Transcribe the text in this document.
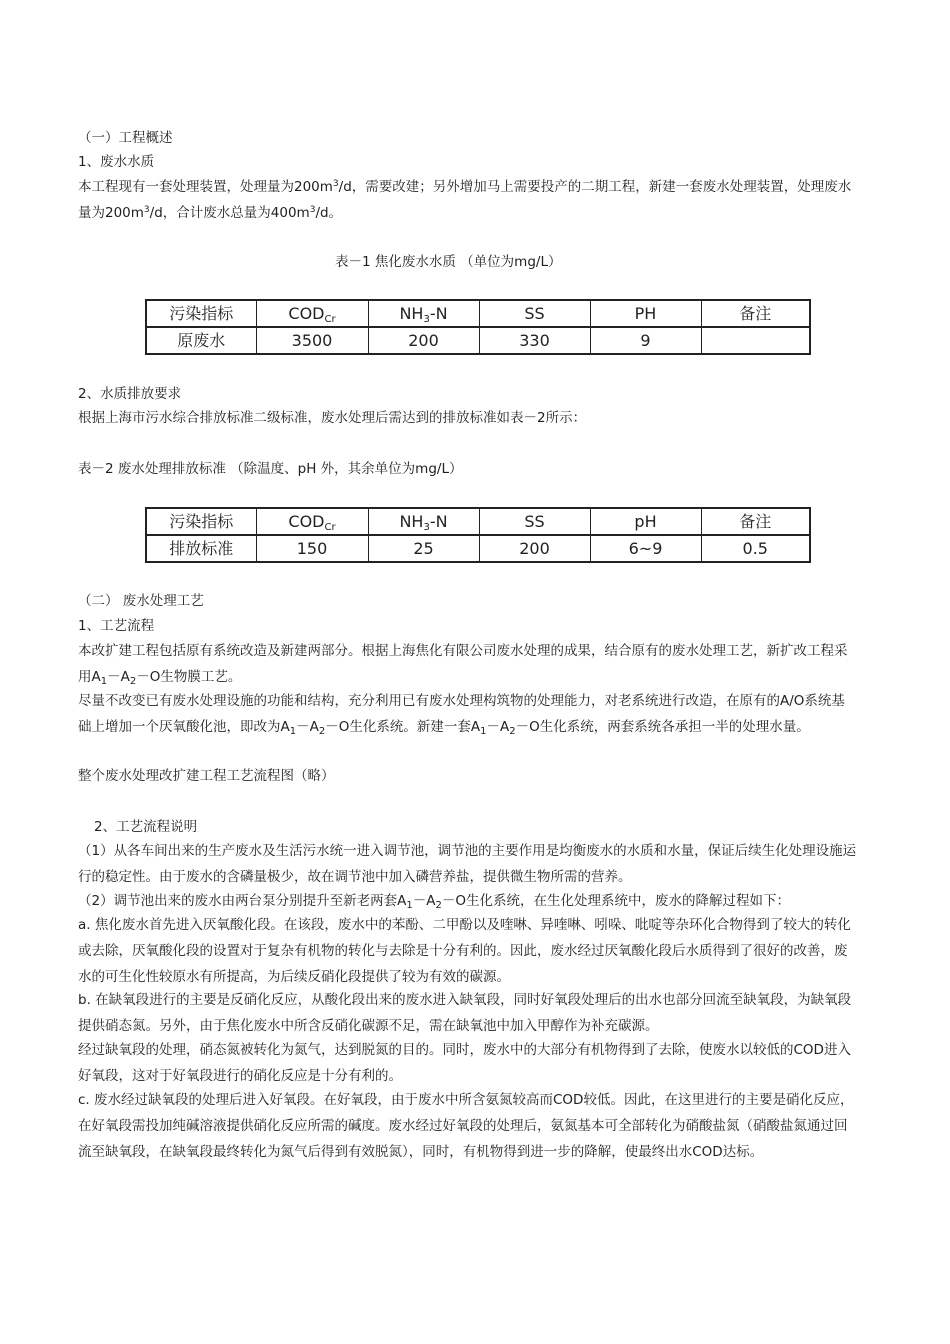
（一）工程概述

1、废水水质

本工程现有一套处理装置，处理量为$200m^3/d$，需要改建；另外增加马上需要投产的二期工程，新建一套废水处理装置，处理废水量为$200m^3/d$，合计废水总量为$400m^3/d$。

表－1 焦化废水水质 （单位为mg/L）
污染指标	$COD_{Cr}$	$NH_3-N$	SS	PH	备注
原废水	3500	200	330	9	

2、水质排放要求

根据上海市污水综合排放标准二级标准，废水处理后需达到的排放标准如表－2所示：

表－2 废水处理排放标准 （除温度、pH 外，其余单位为mg/L）
污染指标	$COD_{Cr}$	$NH_3-N$	SS	pH	备注
排放标准	150	25	200	6~9	0.5

（二） 废水处理工艺

1、工艺流程

本改扩建工程包括原有系统改造及新建两部分。根据上海焦化有限公司废水处理的成果，结合原有的废水处理工艺，新扩改工程采用$A_1-A_2-O$生物膜工艺。

尽量不改变已有废水处理设施的功能和结构，充分利用已有废水处理构筑物的处理能力，对老系统进行改造，在原有的A/O系统基础上增加一个厌氧酸化池，即改为$A_1-A_2-O$生化系统。新建一套$A_1-A_2-O$生化系统，两套系统各承担一半的处理水量。

整个废水处理改扩建工程工艺流程图（略）

2、工艺流程说明

（1）从各车间出来的生产废水及生活污水统一进入调节池，调节池的主要作用是均衡废水的水质和水量，保证后续生化处理设施运行的稳定性。由于废水的含磷量极少，故在调节池中加入磷营养盐，提供微生物所需的营养。

（2）调节池出来的废水由两台泵分别提升至新老两套$A_1-A_2-O$生化系统，在生化处理系统中，废水的降解过程如下：

a. 焦化废水首先进入厌氧酸化段。在该段，废水中的苯酚、二甲酚以及喹啉、异喹啉、吲哚、吡啶等杂环化合物得到了较大的转化或去除，厌氧酸化段的设置对于复杂有机物的转化与去除是十分有利的。因此，废水经过厌氧酸化段后水质得到了很好的改善，废水的可生化性较原水有所提高，为后续反硝化段提供了较为有效的碳源。

b. 在缺氧段进行的主要是反硝化反应，从酸化段出来的废水进入缺氧段，同时好氧段处理后的出水也部分回流至缺氧段，为缺氧段提供硝态氮。另外，由于焦化废水中所含反硝化碳源不足，需在缺氧池中加入甲醇作为补充碳源。

经过缺氧段的处理，硝态氮被转化为氮气，达到脱氮的目的。同时，废水中的大部分有机物得到了去除，使废水以较低的COD进入好氧段，这对于好氧段进行的硝化反应是十分有利的。

c. 废水经过缺氧段的处理后进入好氧段。在好氧段，由于废水中所含氨氮较高而COD较低。因此，在这里进行的主要是硝化反应，在好氧段需投加纯碱溶液提供硝化反应所需的碱度。废水经过好氧段的处理后，氨氮基本可全部转化为硝酸盐氮（硝酸盐氮通过回流至缺氧段，在缺氧段最终转化为氮气后得到有效脱氮），同时，有机物得到进一步的降解，使最终出水COD达标。
